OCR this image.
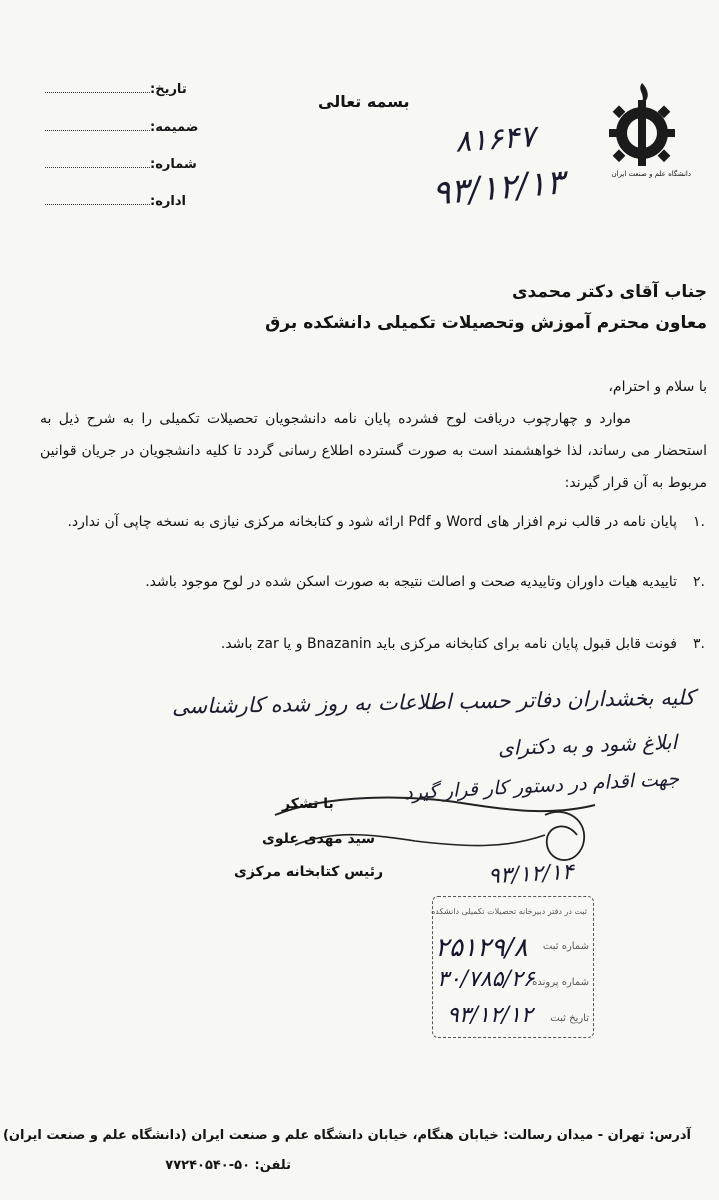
دانشگاه علم و صنعت ایران
بسمه تعالی
تاریخ:
ضمیمه:
شماره:
اداره:
۸۱۶۴۷
۹۳/۱۲/۱۳
جناب آقای دکتر محمدی
معاون محترم آموزش وتحصیلات تکمیلی دانشکده برق
با سلام و احترام،
موارد و چهارچوب دریافت لوح فشرده پایان نامه دانشجویان تحصیلات تکمیلی را به شرح ذیل به استحضار می رساند، لذا خواهشمند است به صورت گسترده اطلاع رسانی گردد تا کلیه دانشجویان در جریان قوانین مربوط به آن قرار گیرند:
.۱
پایان نامه در قالب نرم افزار های Word و Pdf ارائه شود و کتابخانه مرکزی نیازی به نسخه چاپی آن ندارد.
.۲
تاییدیه هیات داوران وتاییدیه صحت و اصالت نتیجه به صورت اسکن شده در لوح موجود باشد.
.۳
فونت قابل قبول پایان نامه برای کتابخانه مرکزی باید Bnazanin و یا zar باشد.
کلیه بخشداران دفاتر حسب اطلاعات به روز شده کارشناسی
ابلاغ شود و به دکترای
جهت اقدام در دستور کار قرار گیرد
با تشکر
سید مهدی علوی
رئیس کتابخانه مرکزی	۹۳/۱۲/۱۴
ثبت در دفتر دبیرخانه تحصیلات تکمیلی دانشکده
شماره ثبت
۲۵۱۲۹/۸
شماره پرونده
۳۰/۷۸۵/۲۶
تاریخ ثبت
۹۳/۱۲/۱۲
آدرس: تهران - میدان رسالت: خیابان هنگام، خیابان دانشگاه علم و صنعت ایران (دانشگاه علم و صنعت ایران)
تلفن: ۵۰-۷۷۲۴۰۵۴۰
